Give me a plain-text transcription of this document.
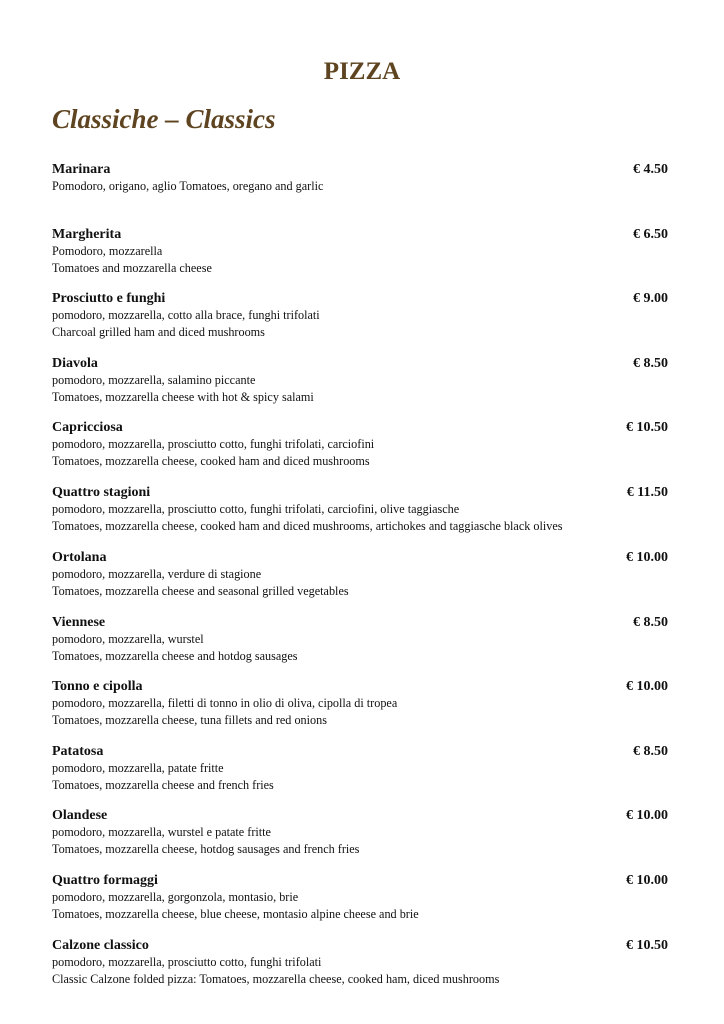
PIZZA
Classiche – Classics
Marinara	€ 4.50
Pomodoro, origano, aglio Tomatoes, oregano and garlic
Margherita	€ 6.50
Pomodoro, mozzarella
Tomatoes and mozzarella cheese
Prosciutto e funghi	€ 9.00
pomodoro, mozzarella, cotto alla brace, funghi trifolati
Charcoal grilled ham and diced mushrooms
Diavola	€ 8.50
pomodoro, mozzarella, salamino piccante
Tomatoes, mozzarella cheese with hot & spicy salami
Capricciosa	€ 10.50
pomodoro, mozzarella, prosciutto cotto, funghi trifolati, carciofini
Tomatoes, mozzarella cheese, cooked ham and diced mushrooms
Quattro stagioni	€ 11.50
pomodoro, mozzarella, prosciutto cotto, funghi trifolati, carciofini, olive taggiasche
Tomatoes, mozzarella cheese, cooked ham and diced mushrooms, artichokes and taggiasche black olives
Ortolana	€ 10.00
pomodoro, mozzarella, verdure di stagione
Tomatoes, mozzarella cheese and seasonal grilled vegetables
Viennese	€ 8.50
pomodoro, mozzarella, wurstel
Tomatoes, mozzarella cheese and hotdog sausages
Tonno e cipolla	€ 10.00
pomodoro, mozzarella, filetti di tonno in olio di oliva, cipolla di tropea
Tomatoes, mozzarella cheese, tuna fillets and red onions
Patatosa	€ 8.50
pomodoro, mozzarella, patate fritte
Tomatoes, mozzarella cheese and french fries
Olandese	€ 10.00
pomodoro, mozzarella, wurstel e patate fritte
Tomatoes, mozzarella cheese, hotdog sausages and french fries
Quattro formaggi	€ 10.00
pomodoro, mozzarella, gorgonzola, montasio, brie
Tomatoes, mozzarella cheese, blue cheese, montasio alpine cheese and brie
Calzone classico	€ 10.50
pomodoro, mozzarella, prosciutto cotto, funghi trifolati
Classic Calzone folded pizza: Tomatoes, mozzarella cheese, cooked ham, diced mushrooms
